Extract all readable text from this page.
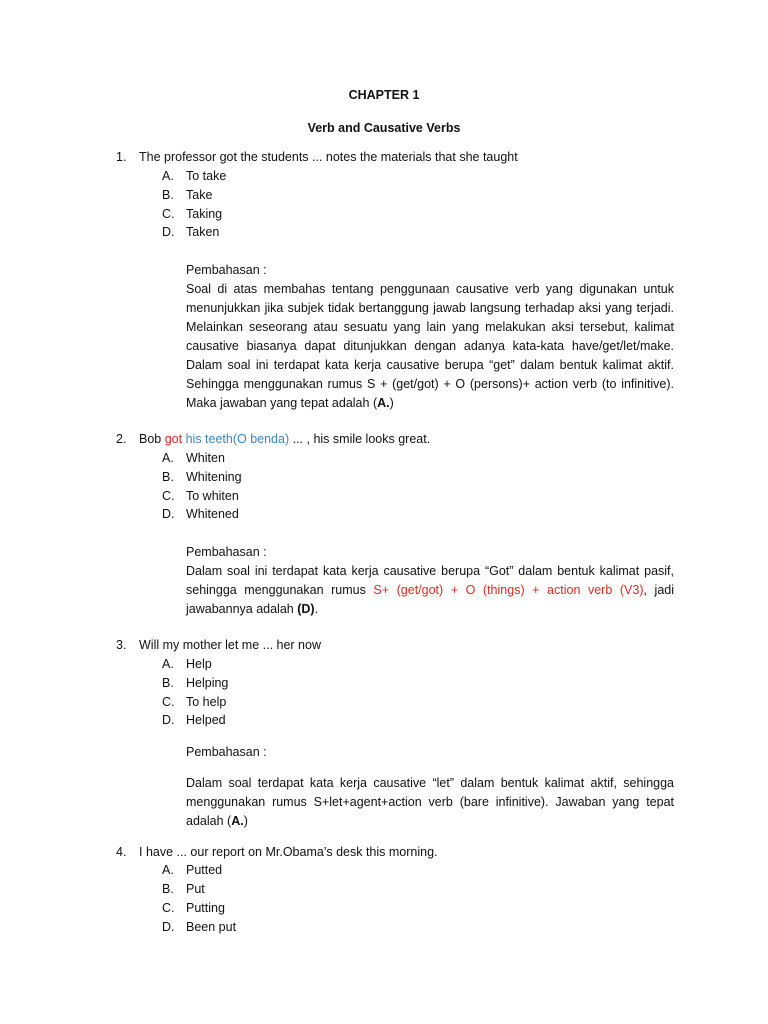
CHAPTER 1
Verb and Causative Verbs
1. The professor got the students ... notes the materials that she taught
A. To take
B. Take
C. Taking
D. Taken
Pembahasan :
Soal di atas membahas tentang penggunaan causative verb yang digunakan untuk menunjukkan jika subjek tidak bertanggung jawab langsung terhadap aksi yang terjadi. Melainkan seseorang atau sesuatu yang lain yang melakukan aksi tersebut, kalimat causative biasanya dapat ditunjukkan dengan adanya kata-kata have/get/let/make. Dalam soal ini terdapat kata kerja causative berupa “get” dalam bentuk kalimat aktif. Sehingga menggunakan rumus S + (get/got) + O (persons)+ action verb (to infinitive). Maka jawaban yang tepat adalah (A.)
2. Bob got his teeth(O benda) ... , his smile looks great.
A. Whiten
B. Whitening
C. To whiten
D. Whitened
Pembahasan :
Dalam soal ini terdapat kata kerja causative berupa “Got” dalam bentuk kalimat pasif, sehingga menggunakan rumus S+ (get/got) + O (things) + action verb (V3), jadi jawabannya adalah (D).
3. Will my mother let me ... her now
A. Help
B. Helping
C. To help
D. Helped
Pembahasan :
Dalam soal terdapat kata kerja causative “let” dalam bentuk kalimat aktif, sehingga menggunakan rumus S+let+agent+action verb (bare infinitive). Jawaban yang tepat adalah (A.)
4. I have ... our report on Mr.Obama’s desk this morning.
A. Putted
B. Put
C. Putting
D. Been put
